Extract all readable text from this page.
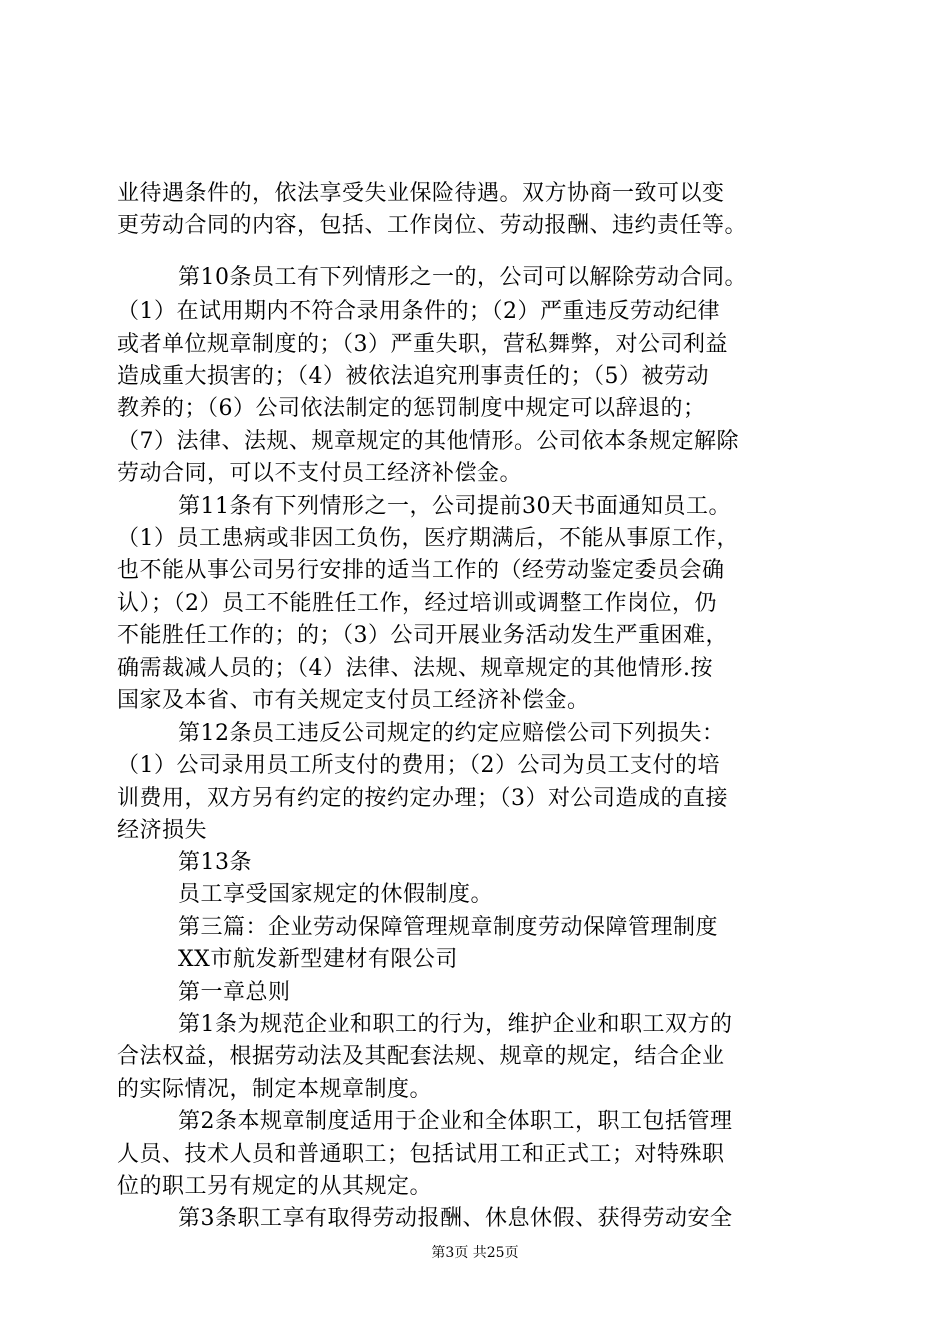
业待遇条件的，依法享受失业保险待遇。双方协商一致可以变
更劳动合同的内容，包括、工作岗位、劳动报酬、违约责任等。
第10条员工有下列情形之一的，公司可以解除劳动合同。
（1）在试用期内不符合录用条件的；（2）严重违反劳动纪律
或者单位规章制度的；（3）严重失职，营私舞弊，对公司利益
造成重大损害的；（4）被依法追究刑事责任的；（5）被劳动
教养的；（6）公司依法制定的惩罚制度中规定可以辞退的；
（7）法律、法规、规章规定的其他情形。公司依本条规定解除
劳动合同，可以不支付员工经济补偿金。
第11条有下列情形之一，公司提前30天书面通知员工。
（1）员工患病或非因工负伤，医疗期满后，不能从事原工作，
也不能从事公司另行安排的适当工作的（经劳动鉴定委员会确
认）；（2）员工不能胜任工作，经过培训或调整工作岗位，仍
不能胜任工作的；的；（3）公司开展业务活动发生严重困难，
确需裁减人员的；（4）法律、法规、规章规定的其他情形.按
国家及本省、市有关规定支付员工经济补偿金。
第12条员工违反公司规定的约定应赔偿公司下列损失：
（1）公司录用员工所支付的费用；（2）公司为员工支付的培
训费用，双方另有约定的按约定办理；（3）对公司造成的直接
经济损失
第13条
员工享受国家规定的休假制度。
第三篇：企业劳动保障管理规章制度劳动保障管理制度
XX市航发新型建材有限公司
第一章总则
第1条为规范企业和职工的行为，维护企业和职工双方的
合法权益，根据劳动法及其配套法规、规章的规定，结合企业
的实际情况，制定本规章制度。
第2条本规章制度适用于企业和全体职工，职工包括管理
人员、技术人员和普通职工；包括试用工和正式工；对特殊职
位的职工另有规定的从其规定。
第3条职工享有取得劳动报酬、休息休假、获得劳动安全
第3页 共25页
